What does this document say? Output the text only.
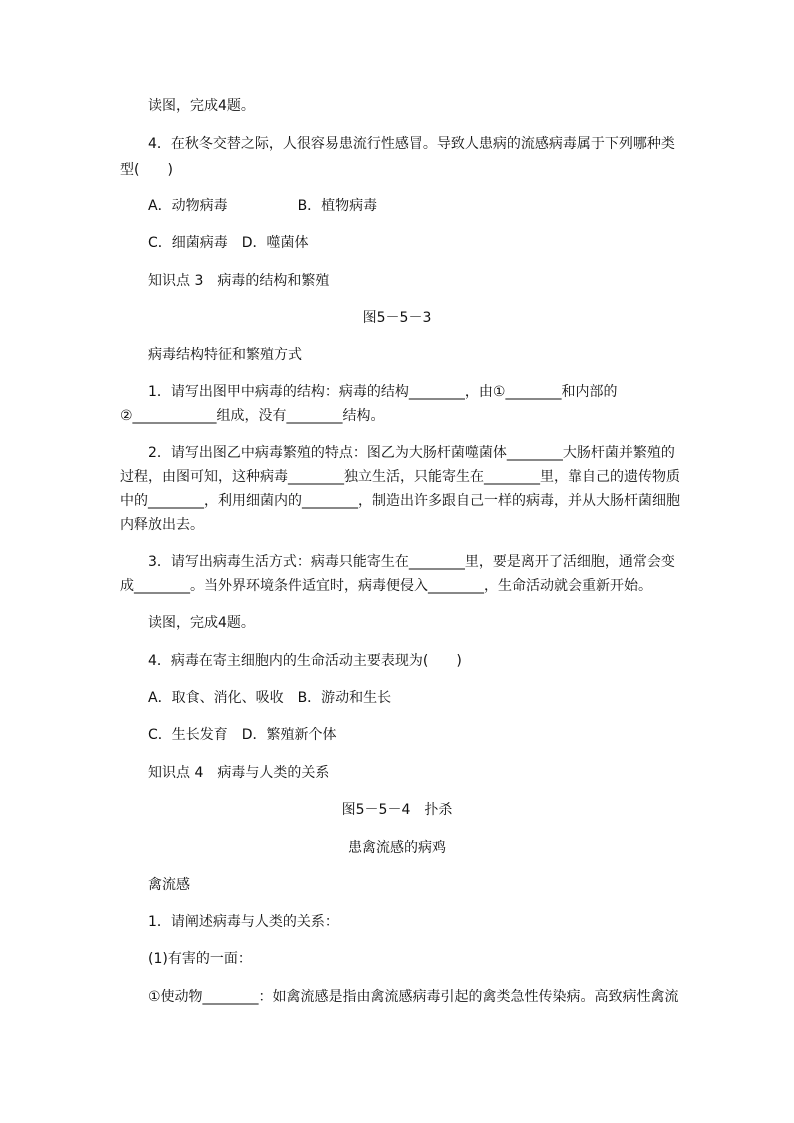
读图，完成4题。
4．在秋冬交替之际，人很容易患流行性感冒。导致人患病的流感病毒属于下列哪种类
型(　　)
A．动物病毒　　　　　B．植物病毒
C．细菌病毒　D．噬菌体
知识点 3　病毒的结构和繁殖
图5－5－3
病毒结构特征和繁殖方式
1．请写出图甲中病毒的结构：病毒的结构________，由①________和内部的
②____________组成，没有________结构。
2．请写出图乙中病毒繁殖的特点：图乙为大肠杆菌噬菌体________大肠杆菌并繁殖的
过程，由图可知，这种病毒________独立生活，只能寄生在________里，靠自己的遗传物质
中的________，利用细菌内的________，制造出许多跟自己一样的病毒，并从大肠杆菌细胞
内释放出去。
3．请写出病毒生活方式：病毒只能寄生在________里，要是离开了活细胞，通常会变
成________。当外界环境条件适宜时，病毒便侵入________，生命活动就会重新开始。
读图，完成4题。
4．病毒在寄主细胞内的生命活动主要表现为(　　)
A．取食、消化、吸收　B．游动和生长
C．生长发育　D．繁殖新个体
知识点 4　病毒与人类的关系
图5－5－4　扑杀
患禽流感的病鸡
禽流感
1．请阐述病毒与人类的关系：
(1)有害的一面：
①使动物________：如禽流感是指由禽流感病毒引起的禽类急性传染病。高致病性禽流
